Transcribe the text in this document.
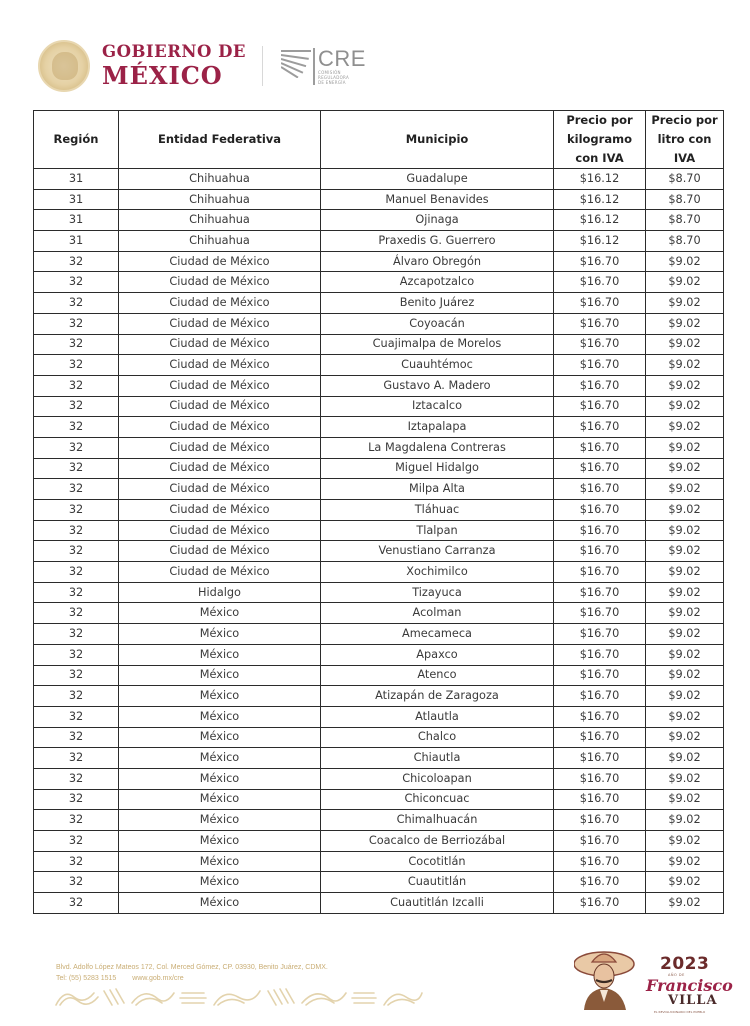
GOBIERNO DE
MÉXICO
CRE
COMISIÓN
REGULADORA
DE ENERGÍA
Región	Entidad Federativa	Municipio	Precio por kilogramo con IVA	Precio por litro con IVA
31	Chihuahua	Guadalupe	$16.12	$8.70
31	Chihuahua	Manuel Benavides	$16.12	$8.70
31	Chihuahua	Ojinaga	$16.12	$8.70
31	Chihuahua	Praxedis G. Guerrero	$16.12	$8.70
32	Ciudad de México	Álvaro Obregón	$16.70	$9.02
32	Ciudad de México	Azcapotzalco	$16.70	$9.02
32	Ciudad de México	Benito Juárez	$16.70	$9.02
32	Ciudad de México	Coyoacán	$16.70	$9.02
32	Ciudad de México	Cuajimalpa de Morelos	$16.70	$9.02
32	Ciudad de México	Cuauhtémoc	$16.70	$9.02
32	Ciudad de México	Gustavo A. Madero	$16.70	$9.02
32	Ciudad de México	Iztacalco	$16.70	$9.02
32	Ciudad de México	Iztapalapa	$16.70	$9.02
32	Ciudad de México	La Magdalena Contreras	$16.70	$9.02
32	Ciudad de México	Miguel Hidalgo	$16.70	$9.02
32	Ciudad de México	Milpa Alta	$16.70	$9.02
32	Ciudad de México	Tláhuac	$16.70	$9.02
32	Ciudad de México	Tlalpan	$16.70	$9.02
32	Ciudad de México	Venustiano Carranza	$16.70	$9.02
32	Ciudad de México	Xochimilco	$16.70	$9.02
32	Hidalgo	Tizayuca	$16.70	$9.02
32	México	Acolman	$16.70	$9.02
32	México	Amecameca	$16.70	$9.02
32	México	Apaxco	$16.70	$9.02
32	México	Atenco	$16.70	$9.02
32	México	Atizapán de Zaragoza	$16.70	$9.02
32	México	Atlautla	$16.70	$9.02
32	México	Chalco	$16.70	$9.02
32	México	Chiautla	$16.70	$9.02
32	México	Chicoloapan	$16.70	$9.02
32	México	Chiconcuac	$16.70	$9.02
32	México	Chimalhuacán	$16.70	$9.02
32	México	Coacalco de Berriozábal	$16.70	$9.02
32	México	Cocotitlán	$16.70	$9.02
32	México	Cuautitlán	$16.70	$9.02
32	México	Cuautitlán Izcalli	$16.70	$9.02
Blvd. Adolfo López Mateos 172, Col. Merced Gómez, CP. 03930, Benito Juárez, CDMX.
Tel: (55) 5283 1515 www.gob.mx/cre
2023
AÑO DE
Francisco
VILLA
EL REVOLUCIONARIO DEL PUEBLO
